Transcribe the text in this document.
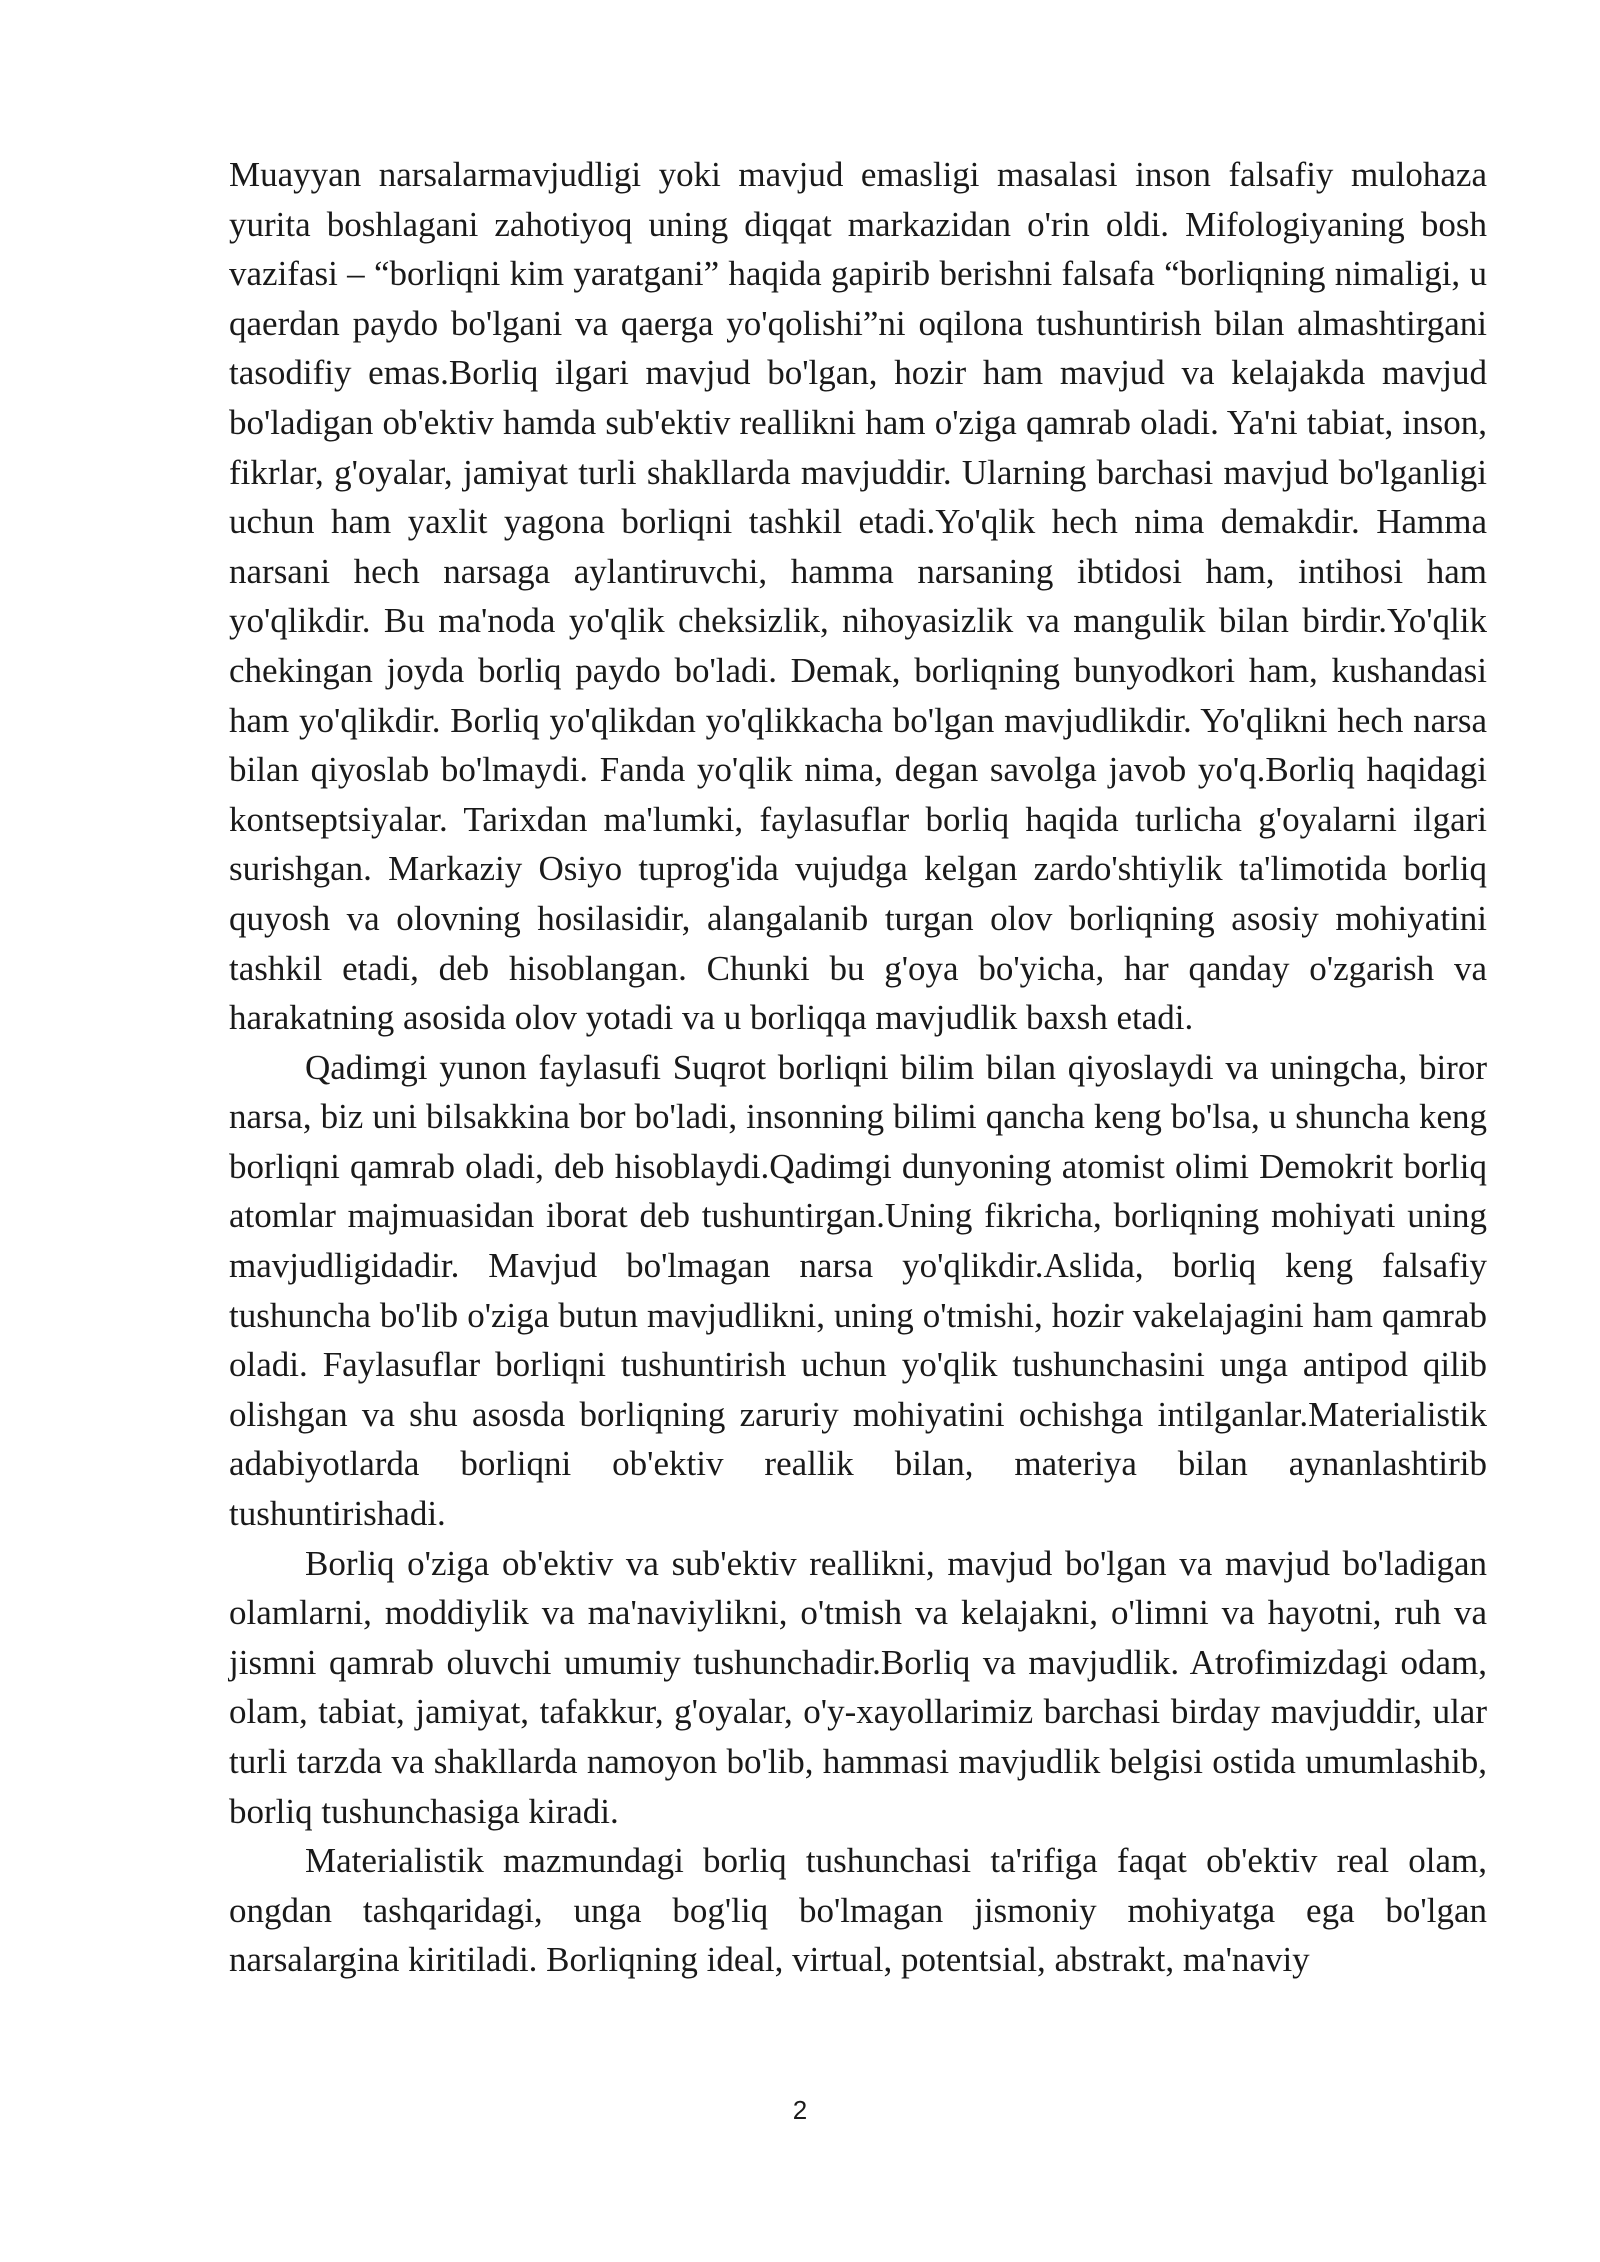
Muayyan narsalarmavjudligi yoki mavjud emasligi masalasi inson falsafiy mulohaza yurita boshlagani zahotiyoq uning diqqat markazidan o'rin oldi. Mifologiyaning bosh vazifasi – “borliqni kim yaratgani” haqida gapirib berishni falsafa “borliqning nimaligi, u qaerdan paydo bo'lgani va qaerga yo'qolishi”ni oqilona tushuntirish bilan almashtirgani tasodifiy emas.Borliq ilgari mavjud bo'lgan, hozir ham mavjud va kelajakda mavjud bo'ladigan ob'ektiv hamda sub'ektiv reallikni ham o'ziga qamrab oladi. Ya'ni tabiat, inson, fikrlar, g'oyalar, jamiyat turli shakllarda mavjuddir. Ularning barchasi mavjud bo'lganligi uchun ham yaxlit yagona borliqni tashkil etadi.Yo'qlik hech nima demakdir. Hamma narsani hech narsaga aylantiruvchi, hamma narsaning ibtidosi ham, intihosi ham yo'qlikdir. Bu ma'noda yo'qlik cheksizlik, nihoyasizlik va mangulik bilan birdir.Yo'qlik chekingan joyda borliq paydo bo'ladi. Demak, borliqning bunyodkori ham, kushandasi ham yo'qlikdir. Borliq yo'qlikdan yo'qlikkacha bo'lgan mavjudlikdir. Yo'qlikni hech narsa bilan qiyoslab bo'lmaydi. Fanda yo'qlik nima, degan savolga javob yo'q.Borliq haqidagi kontseptsiyalar. Tarixdan ma'lumki, faylasuflar borliq haqida turlicha g'oyalarni ilgari surishgan. Markaziy Osiyo tuprog'ida vujudga kelgan zardo'shtiylik ta'limotida borliq quyosh va olovning hosilasidir, alangalanib turgan olov borliqning asosiy mohiyatini tashkil etadi, deb hisoblangan. Chunki bu g'oya bo'yicha, har qanday o'zgarish va harakatning asosida olov yotadi va u borliqqa mavjudlik baxsh etadi.

Qadimgi yunon faylasufi Suqrot borliqni bilim bilan qiyoslaydi va uningcha, biror narsa, biz uni bilsakkina bor bo'ladi, insonning bilimi qancha keng bo'lsa, u shuncha keng borliqni qamrab oladi, deb hisoblaydi.Qadimgi dunyoning atomist olimi Demokrit borliq atomlar majmuasidan iborat deb tushuntirgan.Uning fikricha, borliqning mohiyati uning mavjudligidadir. Mavjud bo'lmagan narsa yo'qlikdir.Aslida, borliq keng falsafiy tushuncha bo'lib o'ziga butun mavjudlikni, uning o'tmishi, hozir vakelajagini ham qamrab oladi. Faylasuflar borliqni tushuntirish uchun yo'qlik tushunchasini unga antipod qilib olishgan va shu asosda borliqning zaruriy mohiyatini ochishga intilganlar.Materialistik adabiyotlarda borliqni ob'ektiv reallik bilan, materiya bilan aynanlashtirib tushuntirishadi.

Borliq o'ziga ob'ektiv va sub'ektiv reallikni, mavjud bo'lgan va mavjud bo'ladigan olamlarni, moddiylik va ma'naviylikni, o'tmish va kelajakni, o'limni va hayotni, ruh va jismni qamrab oluvchi umumiy tushunchadir.Borliq va mavjudlik. Atrofimizdagi odam, olam, tabiat, jamiyat, tafakkur, g'oyalar, o'y-xayollarimiz barchasi birday mavjuddir, ular turli tarzda va shakllarda namoyon bo'lib, hammasi mavjudlik belgisi ostida umumlashib, borliq tushunchasiga kiradi.

Materialistik mazmundagi borliq tushunchasi ta'rifiga faqat ob'ektiv real olam, ongdan tashqaridagi, unga bog'liq bo'lmagan jismoniy mohiyatga ega bo'lgan narsalargina kiritiladi. Borliqning ideal, virtual, potentsial, abstrakt, ma'naviy

2
